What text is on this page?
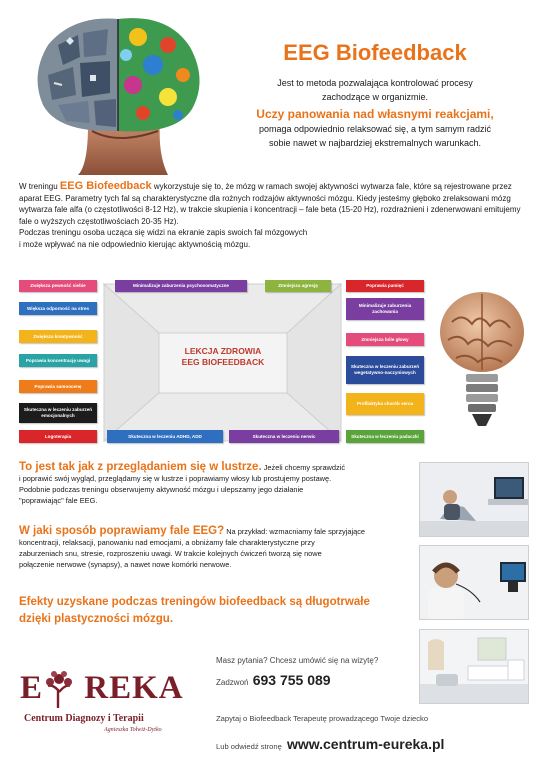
EEG Biofeedback

Jest to metoda pozwalająca kontrolować procesy

zachodzące w organizmie.

Uczy panowania nad własnymi reakcjami,

pomaga odpowiednio relaksować się, a tym samym radzić

sobie nawet w najbardziej ekstremalnych warunkach.

W treningu EEG Biofeedback wykorzystuje się to, że mózg w ramach swojej aktywności wytwarza fale, które są rejestrowane przez aparat EEG. Parametry tych fal są charakterystyczne dla rożnych rodzajów aktywności mózgu. Kiedy jesteśmy głęboko zrelaksowani mózg wytwarza fale alfa (o częstotliwości 8-12 Hz), w trakcie skupienia i koncentracji – fale beta (15-20 Hz), rozdrażnieni i zdenerwowani emitujemy fale o wyższych częstotliwościach 20-35 Hz).
Podczas treningu osoba ucząca się widzi na ekranie zapis swoich fal mózgowych
i może wpływać na nie odpowiednio kierując aktywnością mózgu.
LEKCJA ZDROWIA
EEG BIOFEEDBACK
Zwiększa pewność siebie
Większa odporność na stres
Zwiększa kreatywność
Poprawia koncentrację uwagi
Poprawia samoocenę
Skuteczna w leczeniu zaburzeń emocjonalnych
Logoterapia
Minimalizuje zaburzenia psychosomatyczne	Zmniejsza agresję
Skuteczna w leczeniu ADHD, ADD	Skuteczna w leczeniu nerwic
Poprawia pamięć
Minimalizuje zaburzenia zachowania
Zmniejsza bóle głowy
Skuteczna w leczeniu zaburzeń wegetatywno-naczyniowych
Profilaktyka chorób serca
Skuteczna w leczeniu padaczki
To jest tak jak z przeglądaniem się w lustrze. Jeżeli chcemy sprawdzić
i poprawić swój wygląd, przeglądamy się w lustrze i poprawiamy włosy lub prostujemy postawę.
Podobnie podczas treningu obserwujemy aktywność mózgu i ulepszamy jego działanie
"poprawiając" fale EEG.
W jaki sposób poprawiamy fale EEG? Na przykład: wzmacniamy fale sprzyjające
koncentracji, relaksacji, panowaniu nad emocjami, a obniżamy fale charakterystyczne przy
zaburzeniach snu, stresie, rozproszeniu uwagi. W trakcie kolejnych ćwiczeń tworzą się nowe
połączenie nerwowe (synapsy), a nawet nowe komórki nerwowe.
Efekty uzyskane podczas treningów biofeedback są długotrwałe
dzięki plastyczności mózgu.
E REKA
Centrum Diagnozy i Terapii
Agnieszka Tołwiż-Dytko
Masz pytania? Chcesz umówić się na wizytę?
Zadzwoń 693 755 089
Zapytaj o Biofeedback Terapeutę prowadzącego Twoje dziecko
Lub odwiedź stronę www.centrum-eureka.pl
